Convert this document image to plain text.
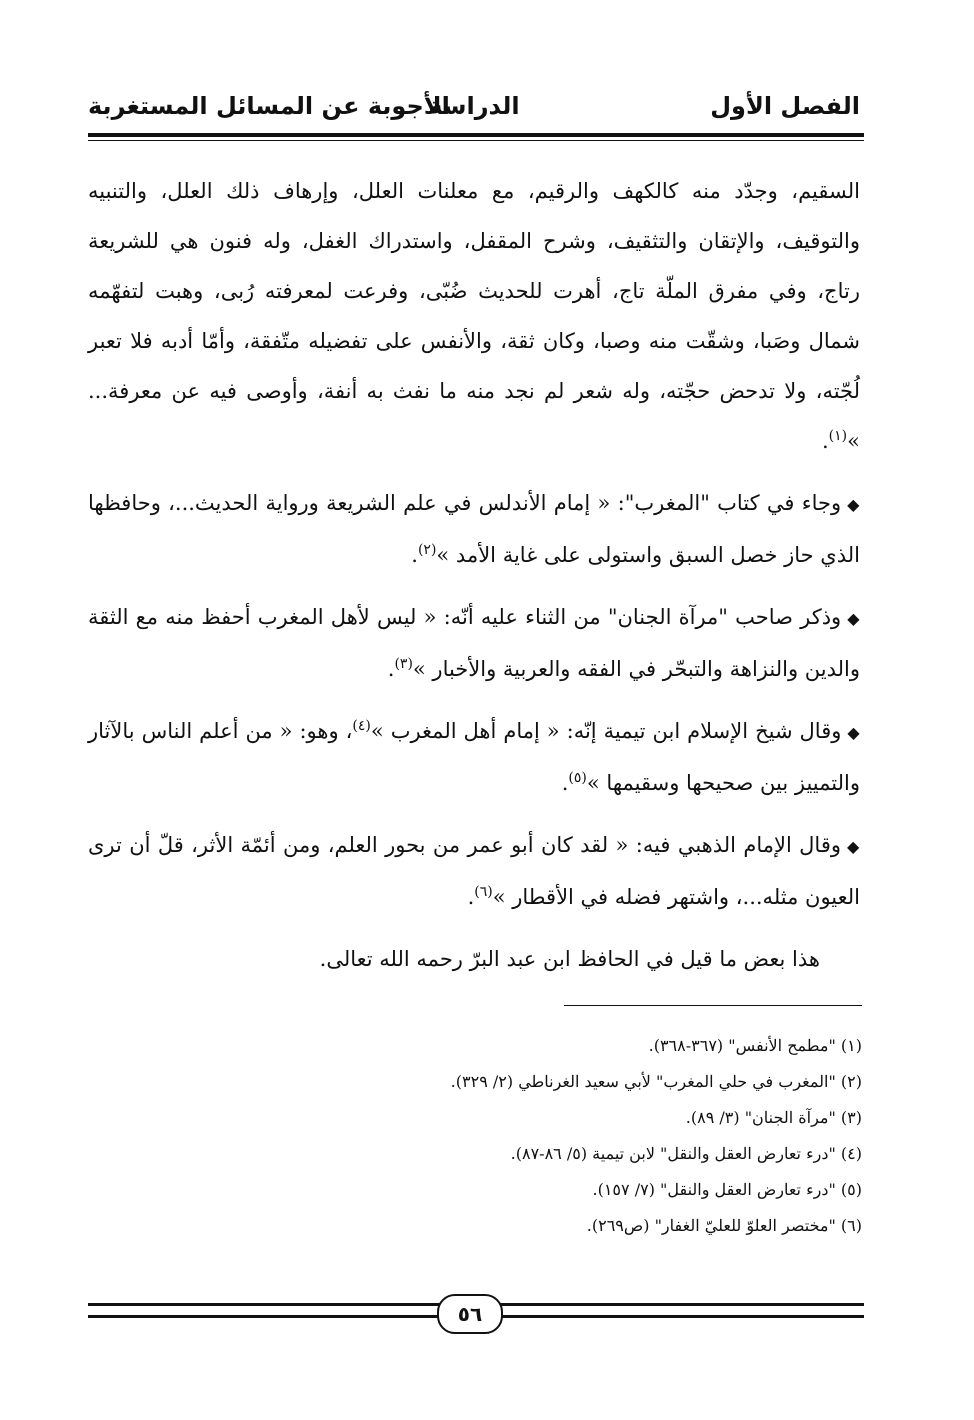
الفصل الأول
الدراسة
الأجوبة عن المسائل المستغربة

السقيم، وجدّد منه كالكهف والرقيم، مع معلنات العلل، وإرهاف ذلك العلل، والتنبيه والتوقيف، والإتقان والتثقيف، وشرح المقفل، واستدراك الغفل، وله فنون هي للشريعة رتاج، وفي مفرق الملّة تاج، أهرت للحديث ضُبّى، وفرعت لمعرفته رُبى، وهبت لتفهّمه شمال وصَبا، وشقّت منه وصبا، وكان ثقة، والأنفس على تفضيله متّفقة، وأمّا أدبه فلا تعبر لُجّته، ولا تدحض حجّته، وله شعر لم نجد منه ما نفث به أنفة، وأوصى فيه عن معرفة... »$^{(١)}$.

◆وجاء في كتاب "المغرب": « إمام الأندلس في علم الشريعة ورواية الحديث...، وحافظها الذي حاز خصل السبق واستولى على غاية الأمد »$^{(٢)}$.

◆وذكر صاحب "مرآة الجنان" من الثناء عليه أنّه: « ليس لأهل المغرب أحفظ منه مع الثقة والدين والنزاهة والتبحّر في الفقه والعربية والأخبار »$^{(٣)}$.

◆وقال شيخ الإسلام ابن تيمية إنّه: « إمام أهل المغرب »$^{(٤)}$، وهو: « من أعلم الناس بالآثار والتمييز بين صحيحها وسقيمها »$^{(٥)}$.

◆وقال الإمام الذهبي فيه: « لقد كان أبو عمر من بحور العلم، ومن أئمّة الأثر، قلّ أن ترى العيون مثله...، واشتهر فضله في الأقطار »$^{(٦)}$.

هذا بعض ما قيل في الحافظ ابن عبد البرّ رحمه الله تعالى.

(١) "مطمح الأنفس" (٣٦٧-٣٦٨).

(٢) "المغرب في حلي المغرب" لأبي سعيد الغرناطي (٢/ ٣٢٩).

(٣) "مرآة الجنان" (٣/ ٨٩).

(٤) "درء تعارض العقل والنقل" لابن تيمية (٥/ ٨٦-٨٧).

(٥) "درء تعارض العقل والنقل" (٧/ ١٥٧).

(٦) "مختصر العلوّ للعليّ الغفار" (ص٢٦٩).

٥٦
